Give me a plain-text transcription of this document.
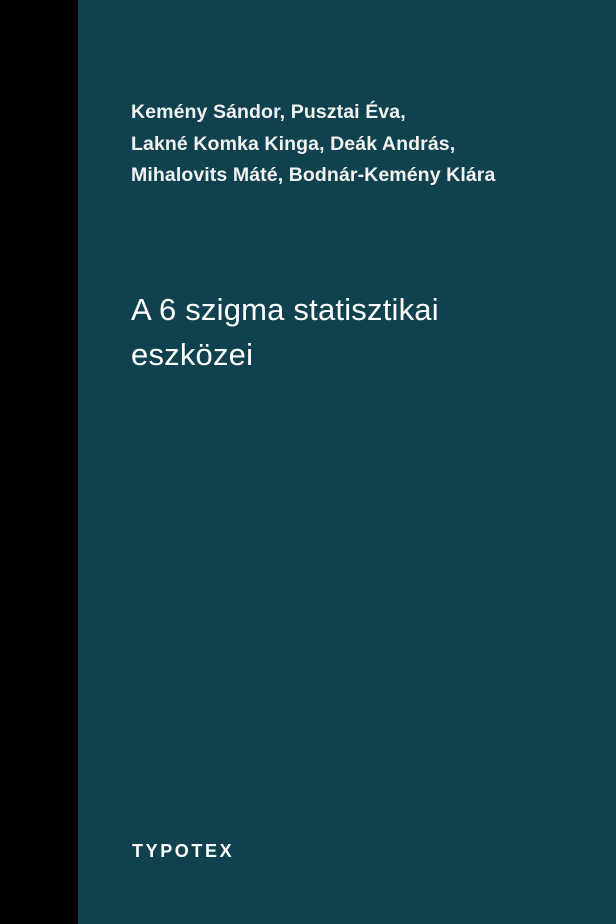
Kemény Sándor, Pusztai Éva,
Lakné Komka Kinga, Deák András,
Mihalovits Máté, Bodnár-Kemény Klára
A 6 szigma statisztikai
eszközei
TYPOTEX
